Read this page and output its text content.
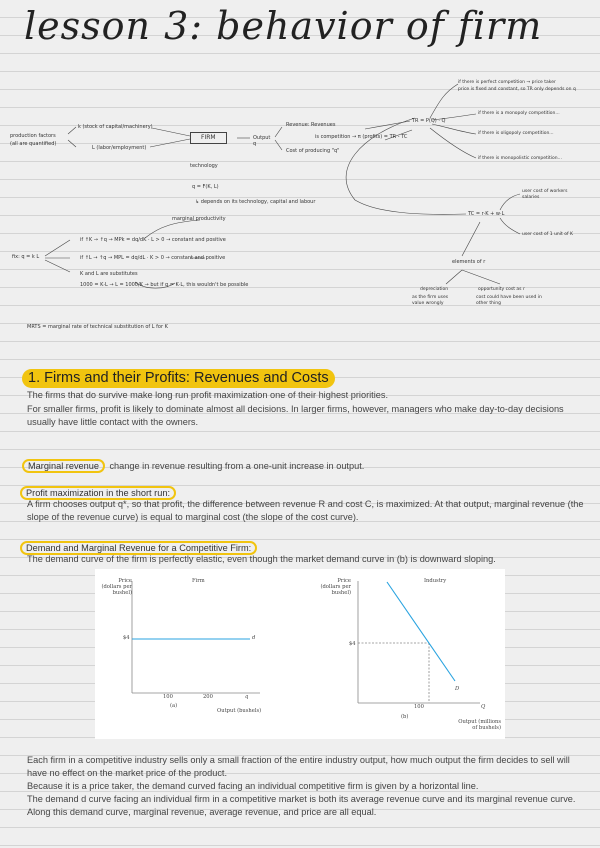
lesson 3: behavior of firm
production factors
(all are quantified)
k (stock of capital/machinery)
L (labor/employment)
FIRM	Output q
Revenue: Revenues
is competition → π (profits) = TR - TC
Cost of producing "q"
TR = P(Q) · Q
technology
q = F(K, L)
↳ depends on its technology, capital and labour
marginal productivity
fix: q = k L
if ↑K → ↑q → MPk = dq/dK · L > 0 → constant and positive
if ↑L → ↑q → MPL = dq/dL · K > 0 → constant and positive
K and L are substitutes
1000 = K·L → L = 1000/K → but if q = K·L, this wouldn't be possible
MRTS = marginal rate of technical substitution of L for K
if there is perfect competition → price taker
price is fixed and constant, so TR only depends on q
if there is a monopoly competition...
if there is oligopoly competition...
if there is monopolistic competition...
TC = r·K + w·L
user cost of workers salaries
user cost of 1 unit of K
elements of r
depreciation
as the firm uses value wrongly
opportunity cost as r
cost could have been used in other thing
1. Firms and their Profits: Revenues and Costs
The firms that do survive make long run profit maximization one of their highest priorities.
For smaller firms, profit is likely to dominate almost all decisions. In larger firms, however, managers who make day-to-day decisions usually have little contact with the owners.
Marginal revenue change in revenue resulting from a one-unit increase in output.
Profit maximization in the short run:
A firm chooses output q*, so that profit, the difference between revenue R and cost C, is maximized. At that output, marginal revenue (the slope of the revenue curve) is equal to marginal cost (the slope of the cost curve).
Demand and Marginal Revenue for a Competitive Firm:
The demand curve of the firm is perfectly elastic, even though the market demand curve in (b) is downward sloping.
Price
(dollars per
bushel)
Firm
$4	d
100	200	q
(a)
Output (bushels)
Price
(dollars per
bushel)
Industry
$4
D
100	Q
(b)
Output (millions
of bushels)
Each firm in a competitive industry sells only a small fraction of the entire industry output, how much output the firm decides to sell will have no effect on the market price of the product.
Because it is a price taker, the demand curved facing an individual competitive firm is given by a horizontal line.
The demand d curve facing an individual firm in a competitive market is both its average revenue curve and its marginal revenue curve. Along this demand curve, marginal revenue, average revenue, and price are all equal.
